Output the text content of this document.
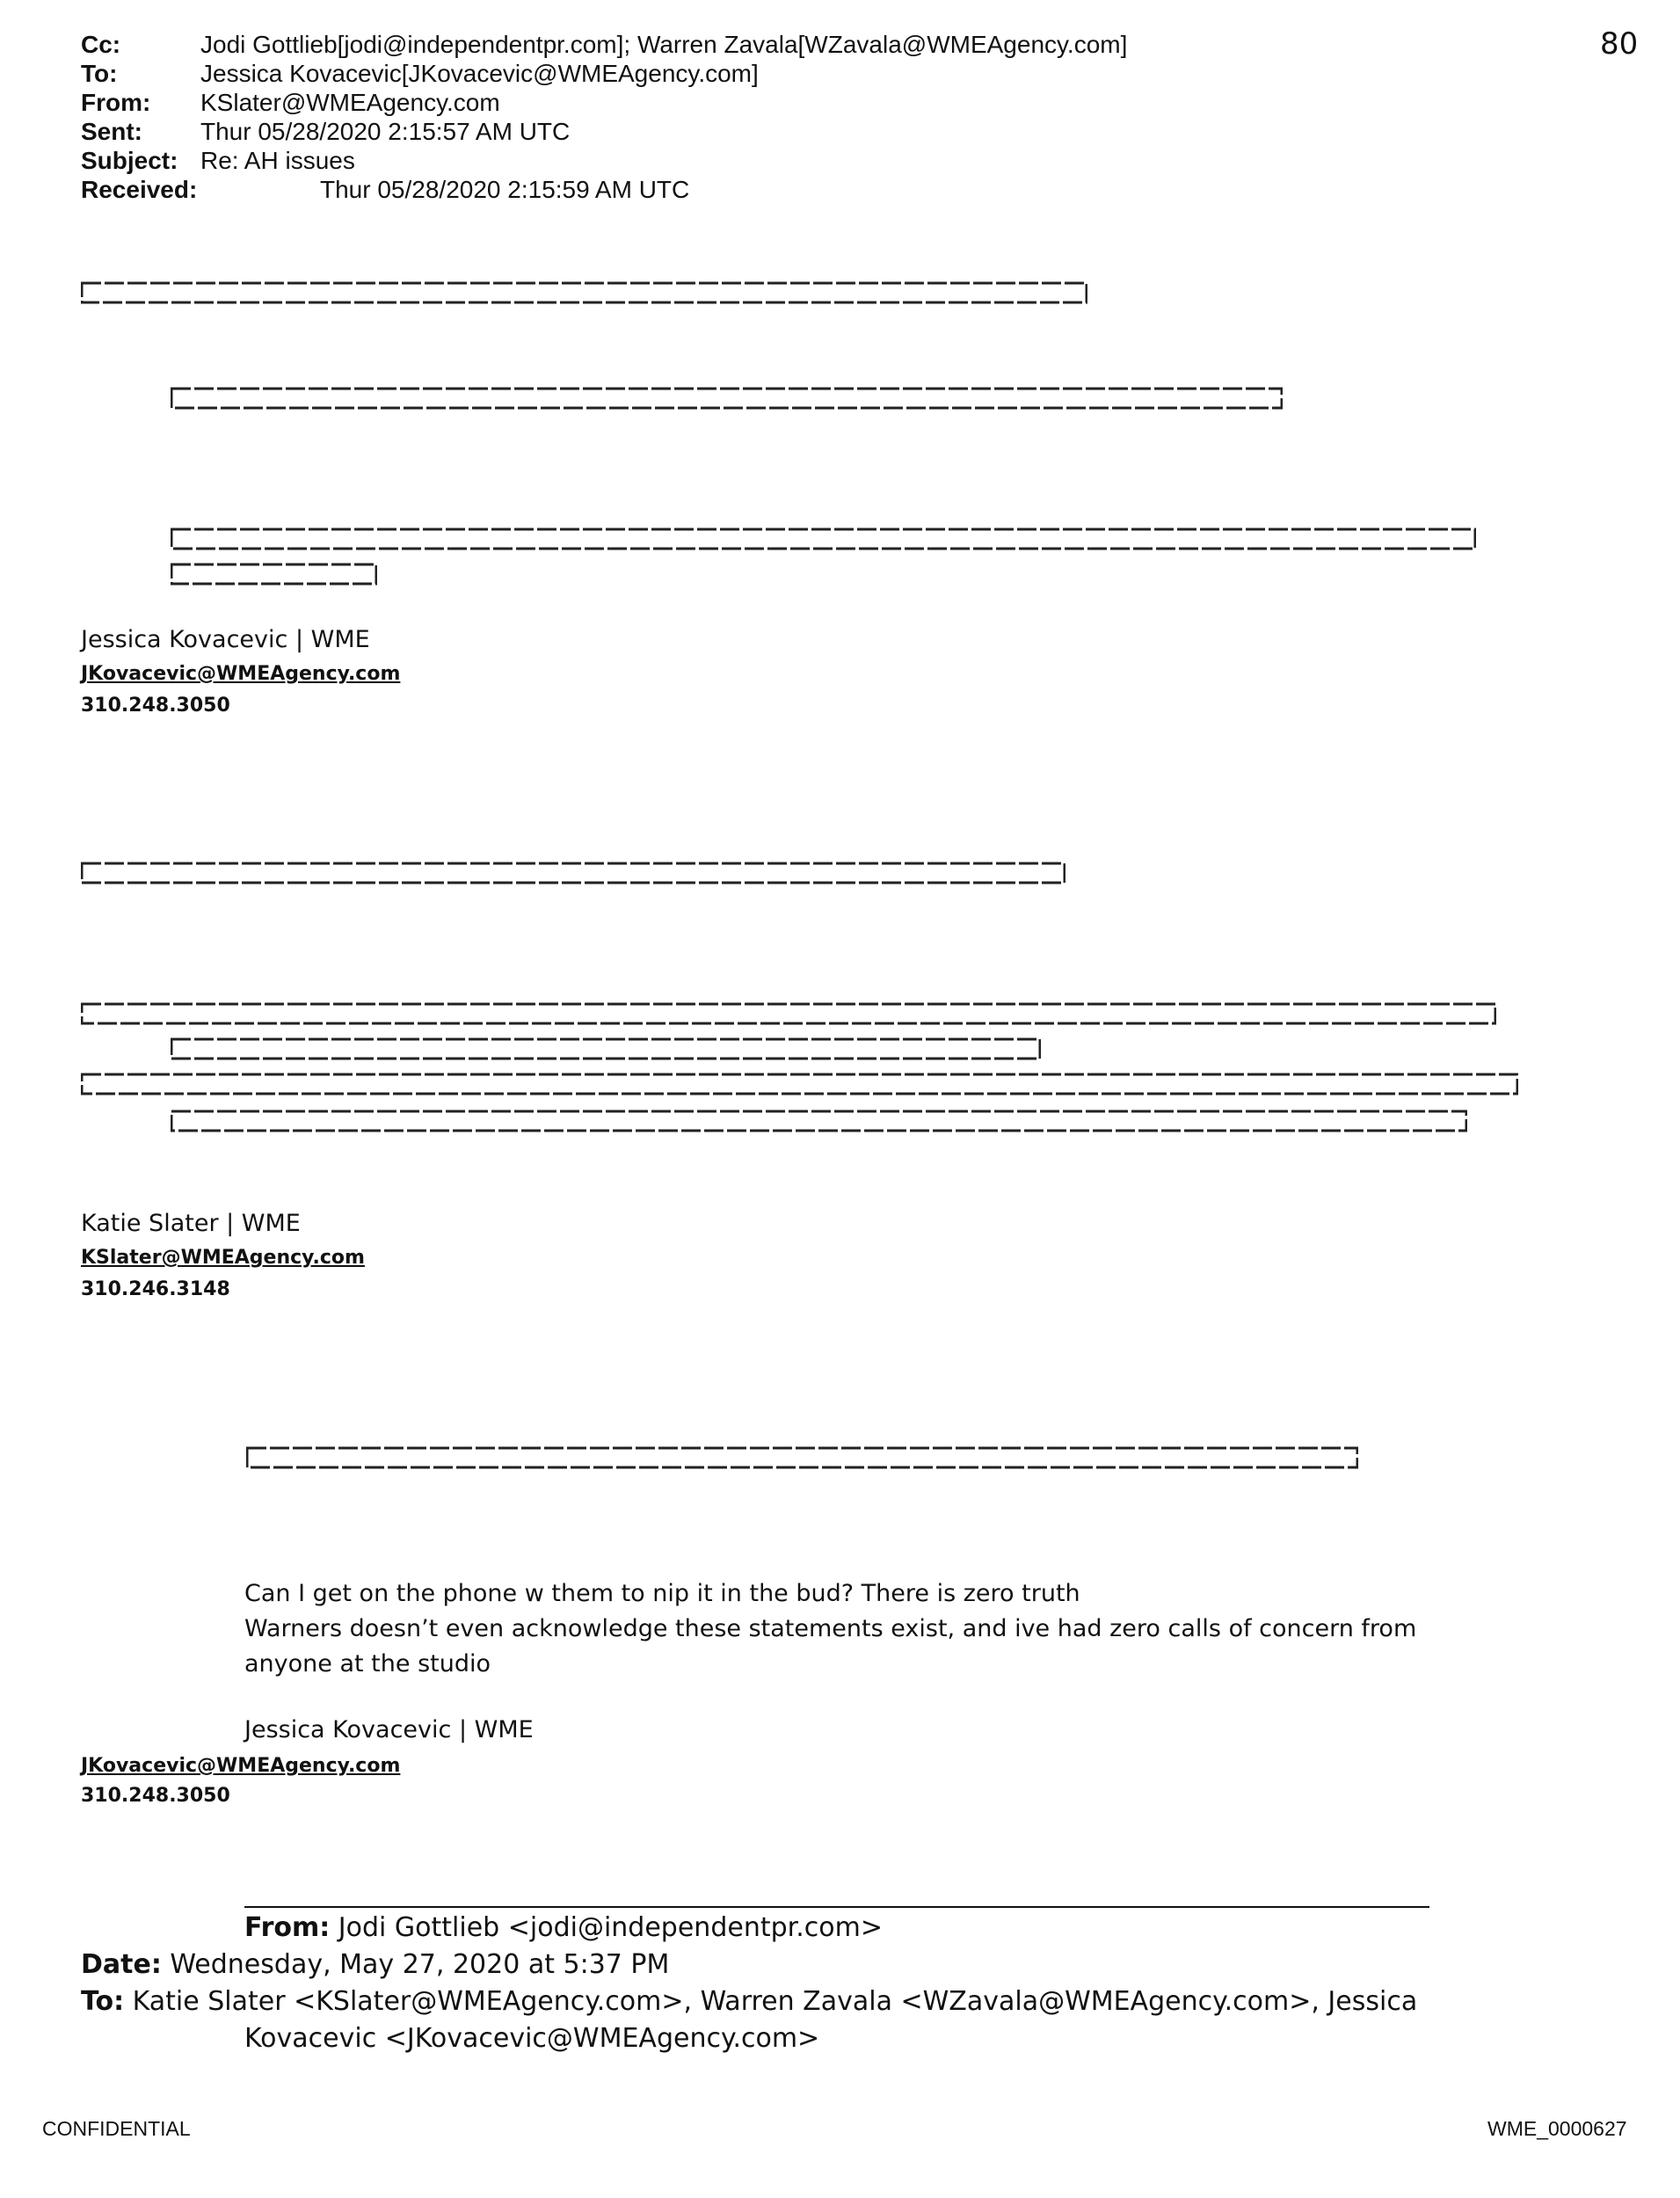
80
Cc:	Jodi Gottlieb[jodi@independentpr.com]; Warren Zavala[WZavala@WMEAgency.com]
To:	Jessica Kovacevic[JKovacevic@WMEAgency.com]
From: KSlater@WMEAgency.com
Sent: Thur 05/28/2020 2:15:57 AM UTC
Subject: Re: AH issues
Received:	Thur 05/28/2020 2:15:59 AM UTC
Jessica Kovacevic | WME
JKovacevic@WMEAgency.com
310.248.3050
Katie Slater | WME
KSlater@WMEAgency.com
310.246.3148
Can I get on the phone w them to nip it in the bud? There is zero truth
Warners doesn’t even acknowledge these statements exist, and ive had zero calls of concern from
anyone at the studio
Jessica Kovacevic | WME
JKovacevic@WMEAgency.com
310.248.3050
From: Jodi Gottlieb <jodi@independentpr.com>
Date: Wednesday, May 27, 2020 at 5:37 PM
To: Katie Slater <KSlater@WMEAgency.com>, Warren Zavala <WZavala@WMEAgency.com>, Jessica
Kovacevic <JKovacevic@WMEAgency.com>
CONFIDENTIAL	WME_0000627
